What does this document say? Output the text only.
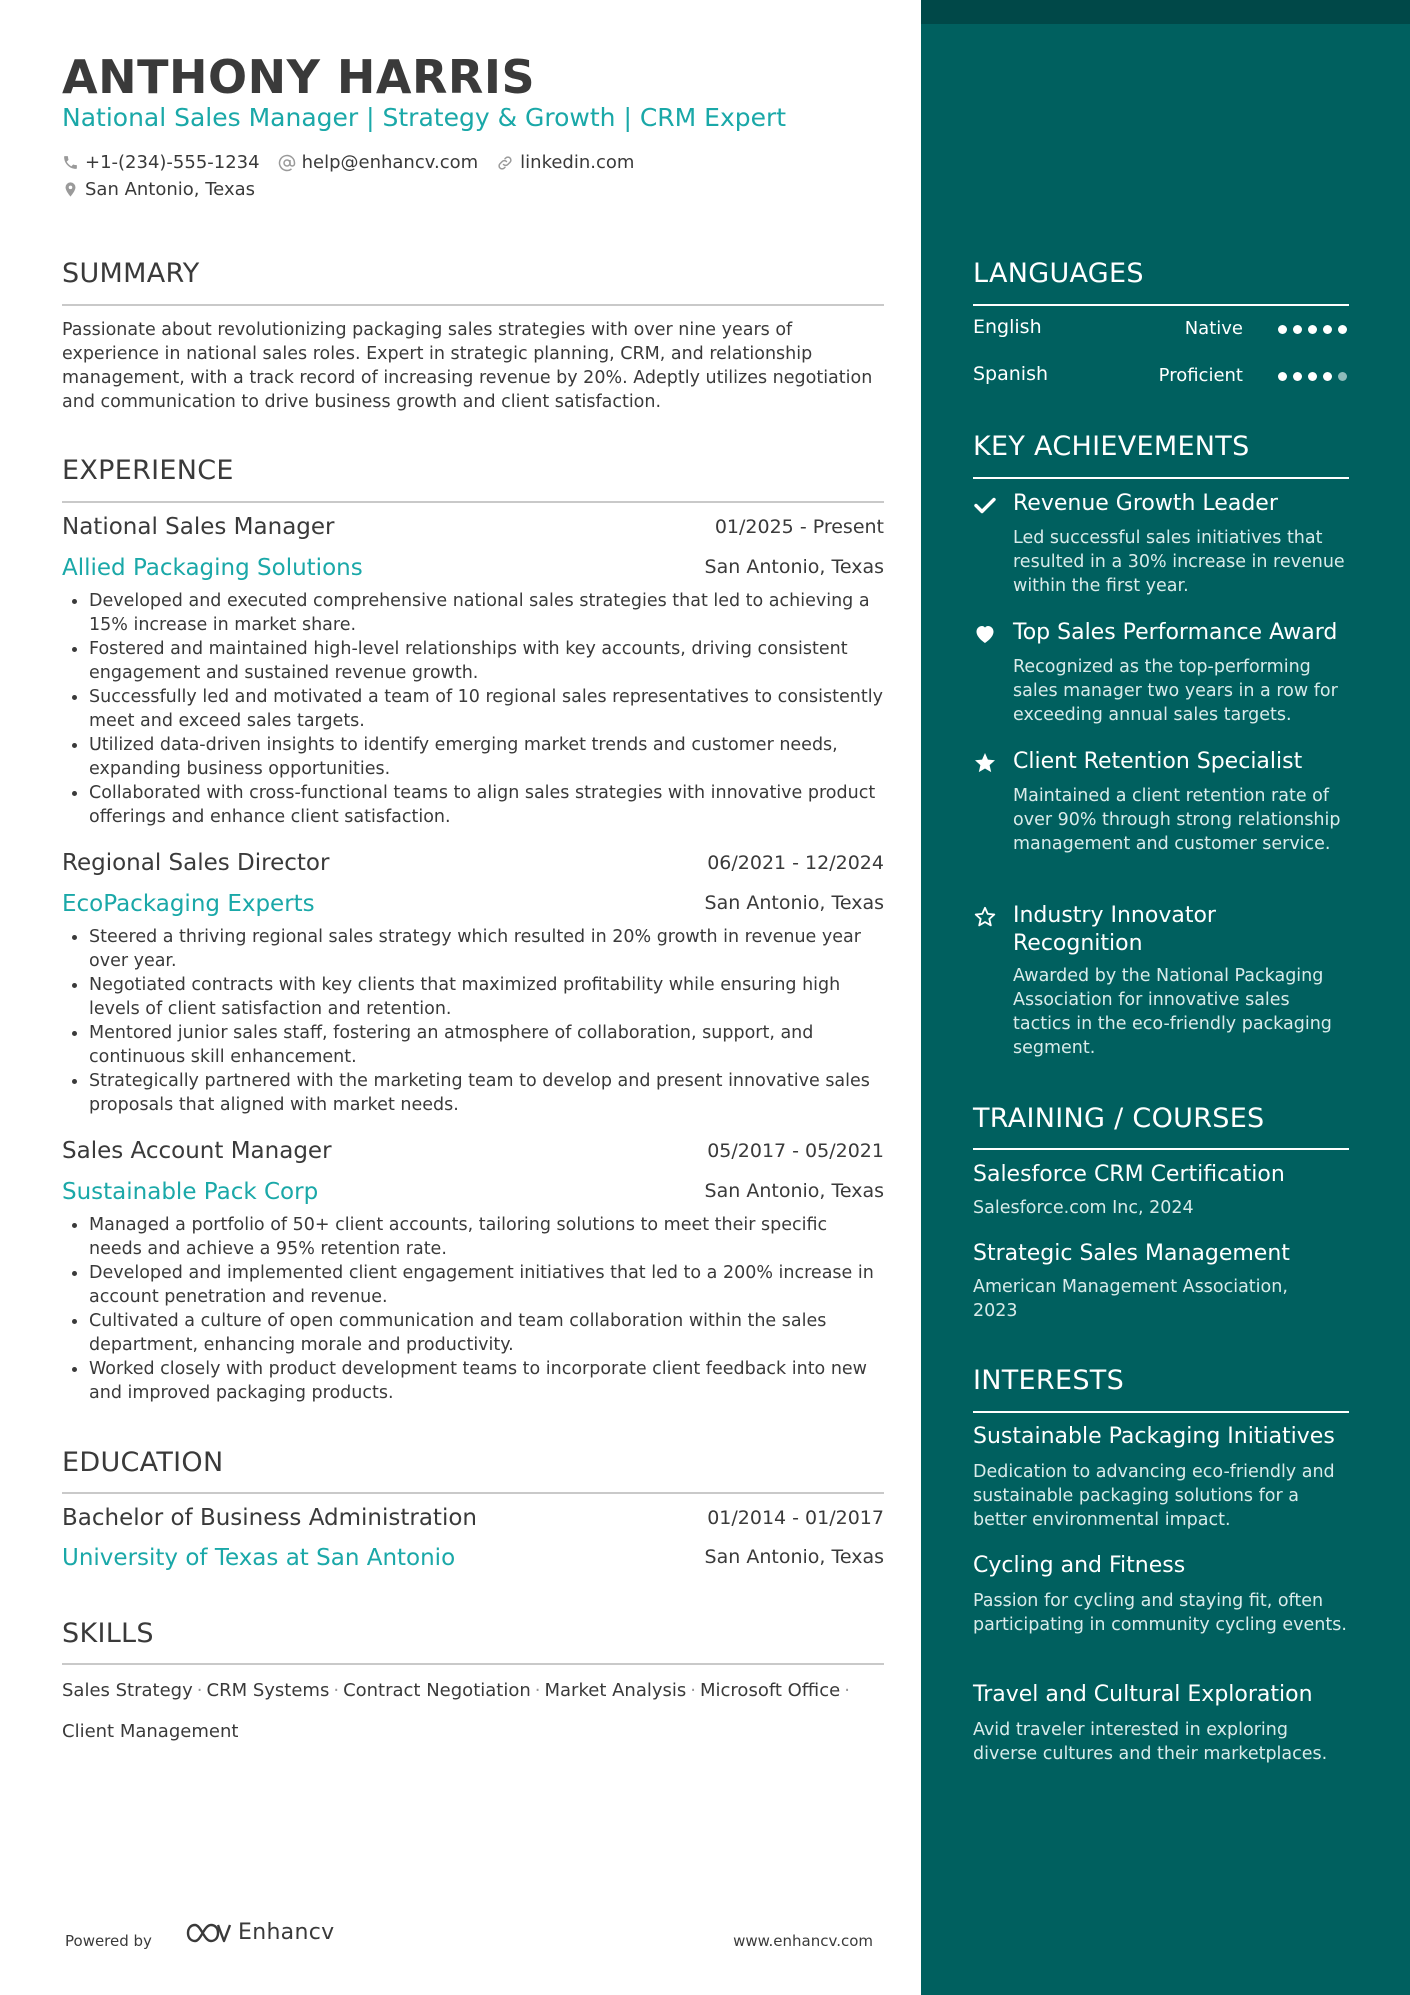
ANTHONY HARRIS
National Sales Manager | Strategy & Growth | CRM Expert
+1-(234)-555-1234 help@enhancv.com linkedin.com
San Antonio, Texas
SUMMARY
Passionate about revolutionizing packaging sales strategies with over nine years of experience in national sales roles. Expert in strategic planning, CRM, and relationship management, with a track record of increasing revenue by 20%. Adeptly utilizes negotiation and communication to drive business growth and client satisfaction.
EXPERIENCE
National Sales Manager	01/2025 - Present
Allied Packaging Solutions	San Antonio, Texas
Developed and executed comprehensive national sales strategies that led to achieving a 15% increase in market share.
Fostered and maintained high-level relationships with key accounts, driving consistent engagement and sustained revenue growth.
Successfully led and motivated a team of 10 regional sales representatives to consistently meet and exceed sales targets.
Utilized data-driven insights to identify emerging market trends and customer needs, expanding business opportunities.
Collaborated with cross-functional teams to align sales strategies with innovative product offerings and enhance client satisfaction.
Regional Sales Director	06/2021 - 12/2024
EcoPackaging Experts	San Antonio, Texas
Steered a thriving regional sales strategy which resulted in 20% growth in revenue year over year.
Negotiated contracts with key clients that maximized profitability while ensuring high levels of client satisfaction and retention.
Mentored junior sales staff, fostering an atmosphere of collaboration, support, and continuous skill enhancement.
Strategically partnered with the marketing team to develop and present innovative sales proposals that aligned with market needs.
Sales Account Manager	05/2017 - 05/2021
Sustainable Pack Corp	San Antonio, Texas
Managed a portfolio of 50+ client accounts, tailoring solutions to meet their specific needs and achieve a 95% retention rate.
Developed and implemented client engagement initiatives that led to a 200% increase in account penetration and revenue.
Cultivated a culture of open communication and team collaboration within the sales department, enhancing morale and productivity.
Worked closely with product development teams to incorporate client feedback into new and improved packaging products.
EDUCATION
Bachelor of Business Administration	01/2014 - 01/2017
University of Texas at San Antonio	San Antonio, Texas
SKILLS
Sales Strategy · CRM Systems · Contract Negotiation · Market Analysis · Microsoft Office ·
Client Management
Powered by	Enhancv	www.enhancv.com
LANGUAGES
English	Native
Spanish	Proficient
KEY ACHIEVEMENTS
Revenue Growth Leader
Led successful sales initiatives that resulted in a 30% increase in revenue within the first year.
Top Sales Performance Award
Recognized as the top-performing sales manager two years in a row for exceeding annual sales targets.
Client Retention Specialist
Maintained a client retention rate of over 90% through strong relationship management and customer service.
Industry Innovator Recognition
Awarded by the National Packaging Association for innovative sales tactics in the eco-friendly packaging segment.
TRAINING / COURSES
Salesforce CRM Certification
Salesforce.com Inc, 2024
Strategic Sales Management
American Management Association, 2023
INTERESTS
Sustainable Packaging Initiatives
Dedication to advancing eco-friendly and sustainable packaging solutions for a better environmental impact.
Cycling and Fitness
Passion for cycling and staying fit, often participating in community cycling events.
Travel and Cultural Exploration
Avid traveler interested in exploring diverse cultures and their marketplaces.
